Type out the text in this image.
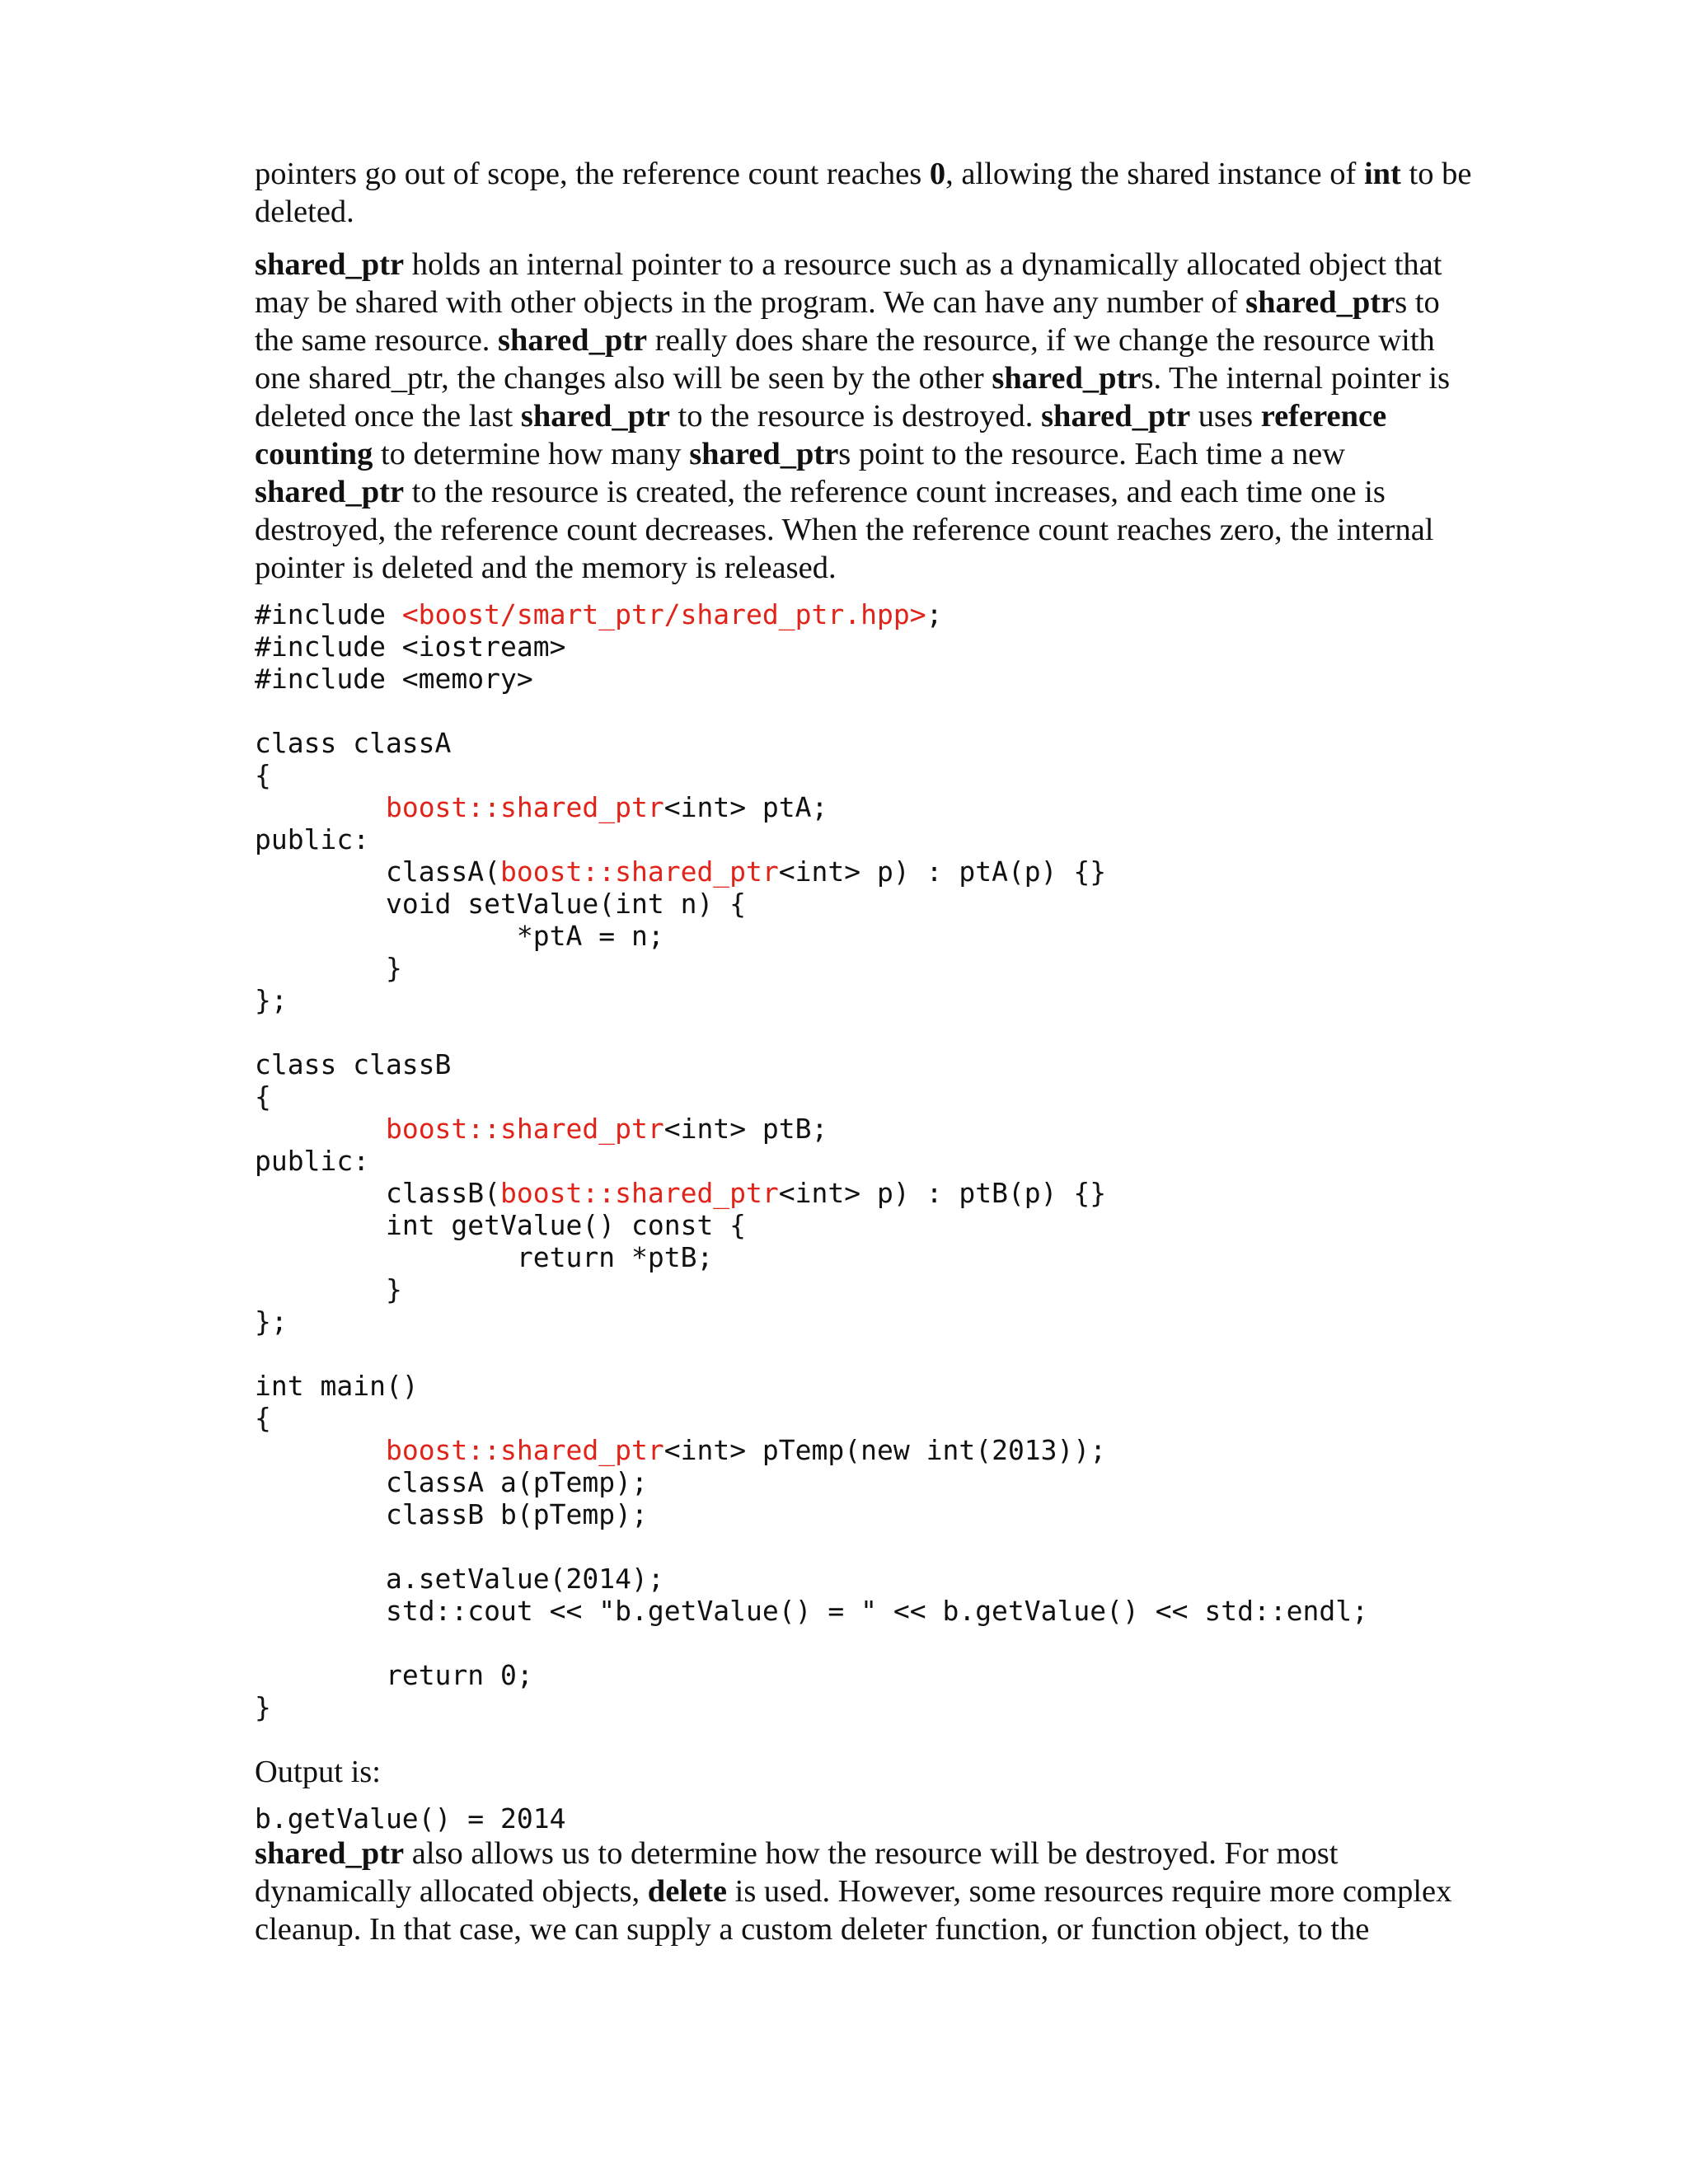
pointers go out of scope, the reference count reaches 0, allowing the shared instance of int to be
deleted.

shared_ptr holds an internal pointer to a resource such as a dynamically allocated object that
may be shared with other objects in the program. We can have any number of shared_ptrs to
the same resource. shared_ptr really does share the resource, if we change the resource with
one shared_ptr, the changes also will be seen by the other shared_ptrs. The internal pointer is
deleted once the last shared_ptr to the resource is destroyed. shared_ptr uses reference
counting to determine how many shared_ptrs point to the resource. Each time a new
shared_ptr to the resource is created, the reference count increases, and each time one is
destroyed, the reference count decreases. When the reference count reaches zero, the internal
pointer is deleted and the memory is released.

#include <boost/smart_ptr/shared_ptr.hpp>;
#include <iostream>
#include <memory>

class classA
{
	boost::shared_ptr<int> ptA;
public:
	classA(boost::shared_ptr<int> p) : ptA(p) {}
	void setValue(int n) {
		*ptA = n;
	}
};

class classB
{
	boost::shared_ptr<int> ptB;
public:
	classB(boost::shared_ptr<int> p) : ptB(p) {}
	int getValue() const {
		return *ptB;
	}
};

int main()
{
	boost::shared_ptr<int> pTemp(new int(2013));
	classA a(pTemp);
	classB b(pTemp);

	a.setValue(2014);
	std::cout << "b.getValue() = " << b.getValue() << std::endl;

	return 0;
}

Output is:

b.getValue() = 2014

shared_ptr also allows us to determine how the resource will be destroyed. For most
dynamically allocated objects, delete is used. However, some resources require more complex
cleanup. In that case, we can supply a custom deleter function, or function object, to the
